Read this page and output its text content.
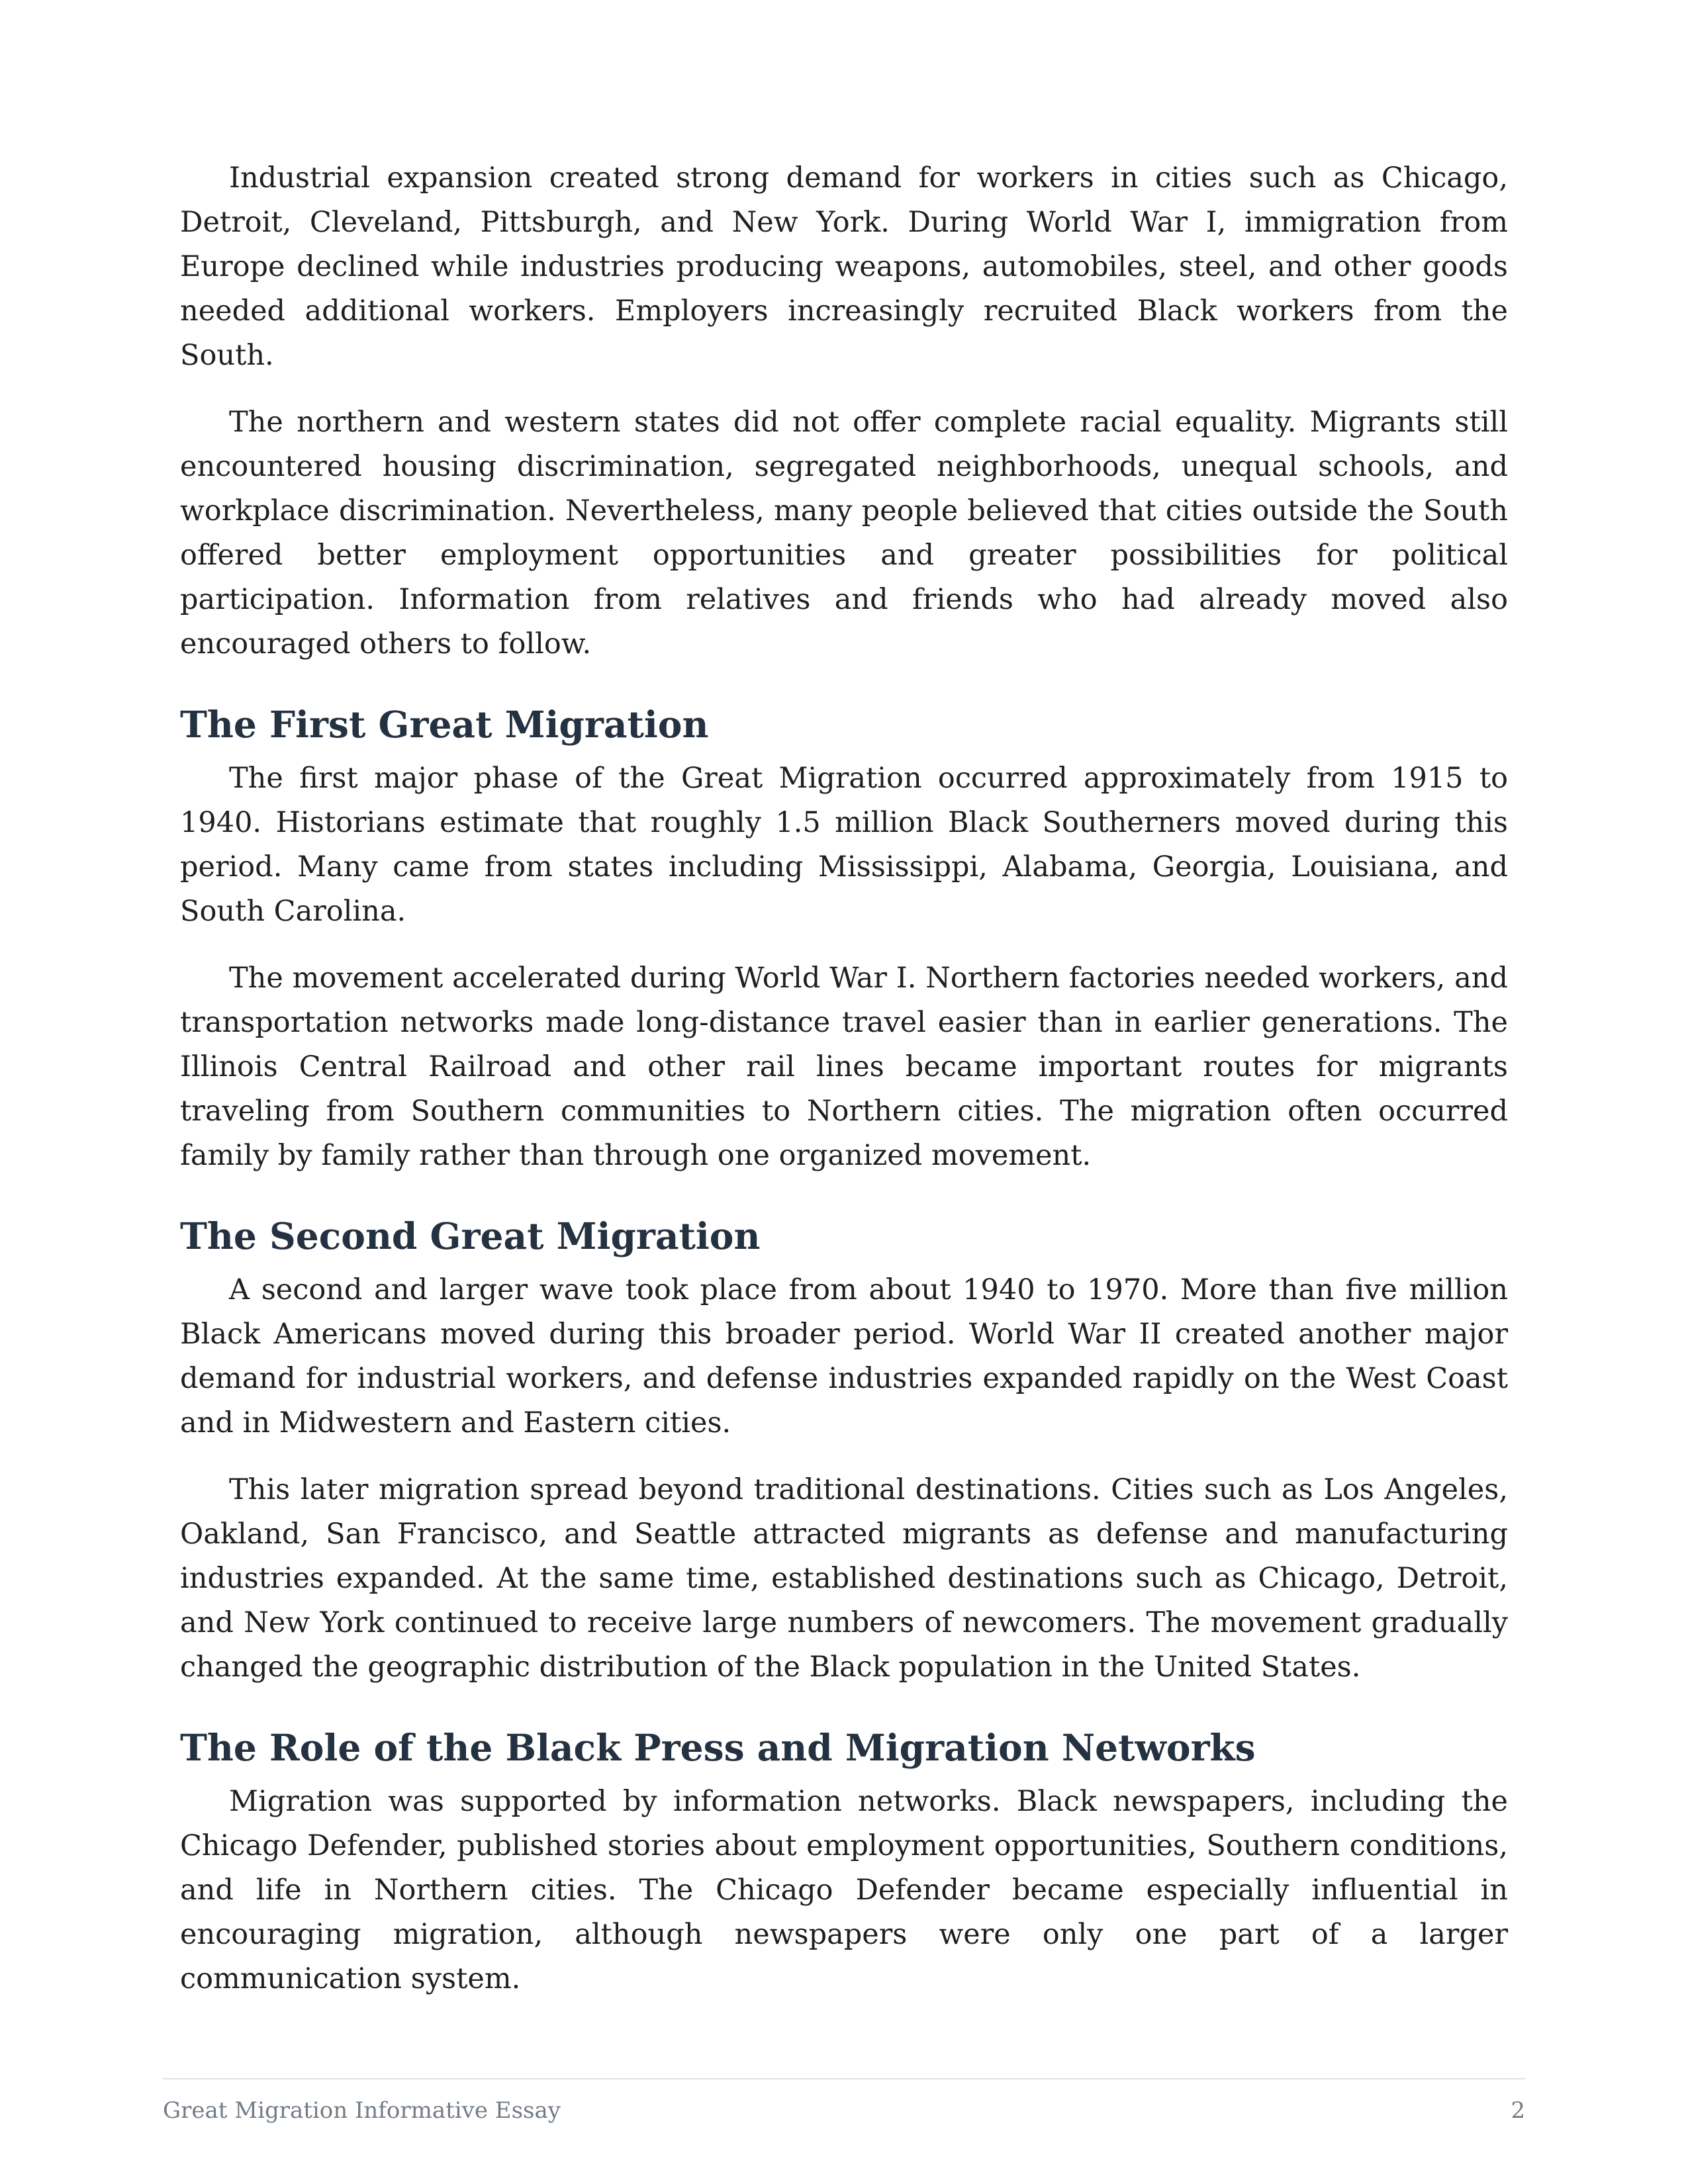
Industrial expansion created strong demand for workers in cities such as Chicago, Detroit, Cleveland, Pittsburgh, and New York. During World War I, immigration from Europe declined while industries producing weapons, automobiles, steel, and other goods needed additional workers. Employers increasingly recruited Black workers from the South.

The northern and western states did not offer complete racial equality. Migrants still encountered housing discrimination, segregated neighborhoods, unequal schools, and workplace discrimination. Nevertheless, many people believed that cities outside the South offered better employment opportunities and greater possibilities for political participation. Information from relatives and friends who had already moved also encouraged others to follow.

The First Great Migration

The first major phase of the Great Migration occurred approximately from 1915 to 1940. Historians estimate that roughly 1.5 million Black Southerners moved during this period. Many came from states including Mississippi, Alabama, Georgia, Louisiana, and South Carolina.

The movement accelerated during World War I. Northern factories needed workers, and transportation networks made long-distance travel easier than in earlier generations. The Illinois Central Railroad and other rail lines became important routes for migrants traveling from Southern communities to Northern cities. The migration often occurred family by family rather than through one organized movement.

The Second Great Migration

A second and larger wave took place from about 1940 to 1970. More than five million Black Americans moved during this broader period. World War II created another major demand for industrial workers, and defense industries expanded rapidly on the West Coast and in Midwestern and Eastern cities.

This later migration spread beyond traditional destinations. Cities such as Los Angeles, Oakland, San Francisco, and Seattle attracted migrants as defense and manufacturing industries expanded. At the same time, established destinations such as Chicago, Detroit, and New York continued to receive large numbers of newcomers. The movement gradually changed the geographic distribution of the Black population in the United States.

The Role of the Black Press and Migration Networks

Migration was supported by information networks. Black newspapers, including the Chicago Defender, published stories about employment opportunities, Southern conditions, and life in Northern cities. The Chicago Defender became especially influential in encouraging migration, although newspapers were only one part of a larger communication system.

Great Migration Informative Essay	2
